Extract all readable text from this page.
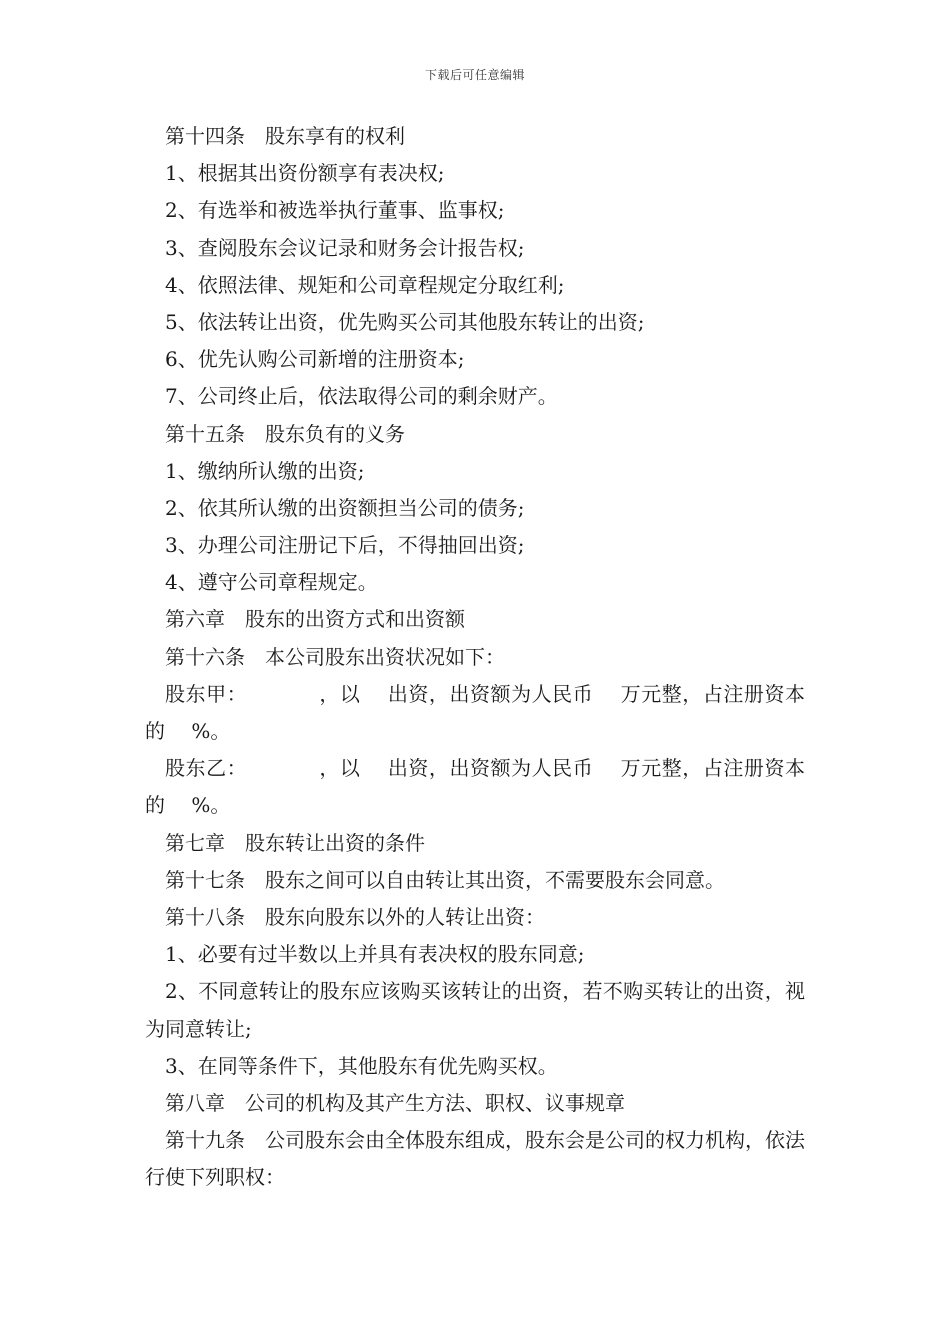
下载后可任意编辑
第十四条　股东享有的权利
1、根据其出资份额享有表决权;
2、有选举和被选举执行董事、监事权;
3、查阅股东会议记录和财务会计报告权;
4、依照法律、规矩和公司章程规定分取红利;
5、依法转让出资，优先购买公司其他股东转让的出资;
6、优先认购公司新增的注册资本;
7、公司终止后，依法取得公司的剩余财产。
第十五条　股东负有的义务
1、缴纳所认缴的出资;
2、依其所认缴的出资额担当公司的债务;
3、办理公司注册记下后，不得抽回出资;
4、遵守公司章程规定。
第六章　股东的出资方式和出资额
第十六条　本公司股东出资状况如下：
股东甲：　　　　，以　 出资，出资额为人民币　 万元整，占注册资本的　 %。
股东乙：　　　　，以　 出资，出资额为人民币　 万元整，占注册资本的　 %。
第七章　股东转让出资的条件
第十七条　股东之间可以自由转让其出资，不需要股东会同意。
第十八条　股东向股东以外的人转让出资：
1、必要有过半数以上并具有表决权的股东同意;
2、不同意转让的股东应该购买该转让的出资，若不购买转让的出资，视为同意转让;
3、在同等条件下，其他股东有优先购买权。
第八章　公司的机构及其产生方法、职权、议事规章
第十九条　公司股东会由全体股东组成，股东会是公司的权力机构，依法行使下列职权：
